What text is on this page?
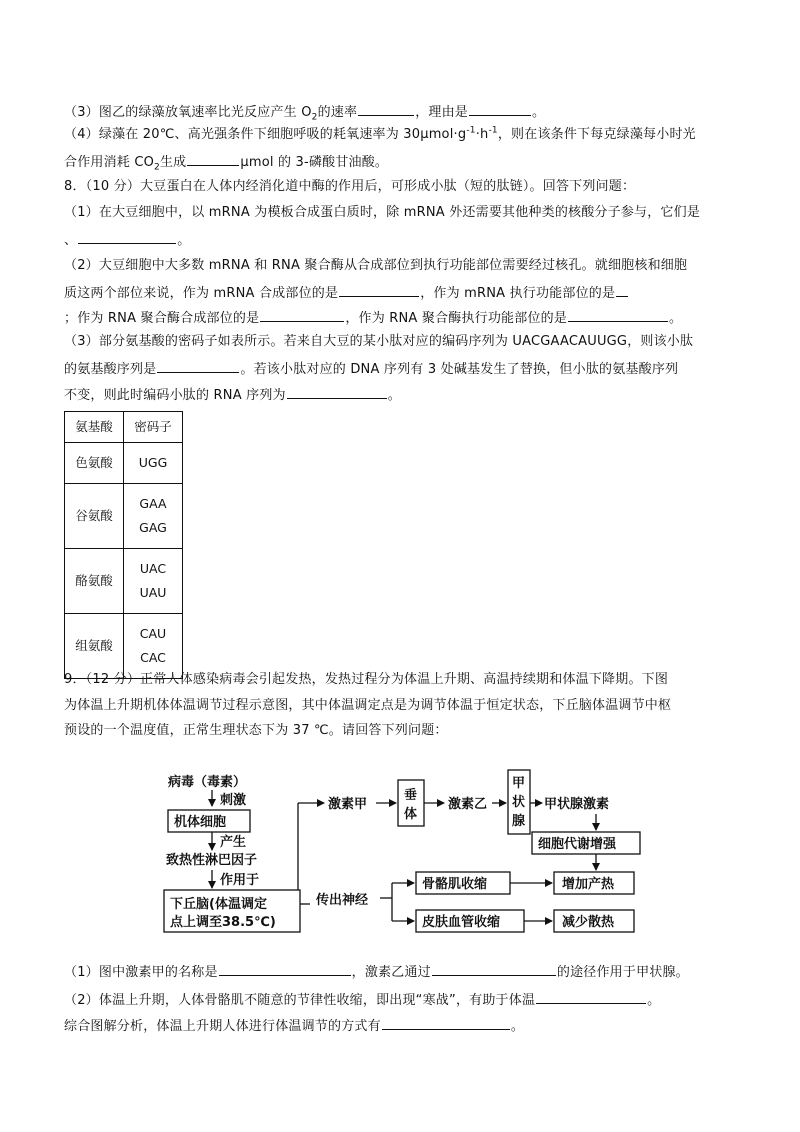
（3）图乙的绿藻放氧速率比光反应产生 $O_2$的速率	，理由是	。
（4）绿藻在 20℃、高光强条件下细胞呼吸的耗氧速率为 $30\mu mol\cdot g^{-1}\cdot h^{-1}$，则在该条件下每克绿藻每小时光
合作用消耗 $CO_2$生成	μmol 的 3-磷酸甘油酸。
8．（10 分）大豆蛋白在人体内经消化道中酶的作用后，可形成小肽（短的肽链）。回答下列问题：
（1）在大豆细胞中，以 mRNA 为模板合成蛋白质时，除 mRNA 外还需要其他种类的核酸分子参与，它们是
、	。
（2）大豆细胞中大多数 mRNA 和 RNA 聚合酶从合成部位到执行功能部位需要经过核孔。就细胞核和细胞
质这两个部位来说，作为 mRNA 合成部位的是	，作为 mRNA 执行功能部位的是
；作为 RNA 聚合酶合成部位的是	，作为 RNA 聚合酶执行功能部位的是	。
（3）部分氨基酸的密码子如表所示。若来自大豆的某小肽对应的编码序列为 UACGAACAUUGG，则该小肽
的氨基酸序列是	。若该小肽对应的 DNA 序列有 3 处碱基发生了替换，但小肽的氨基酸序列
不变，则此时编码小肽的 RNA 序列为	。
氨基酸	密码子
色氨酸	UGG
谷氨酸	GAA
GAG

酪氨酸	UAC
UAU

组氨酸	CAU
CAC
9．（12 分）正常人体感染病毒会引起发热，发热过程分为体温上升期、高温持续期和体温下降期。下图
为体温上升期机体体温调节过程示意图，其中体温调定点是为调节体温于恒定状态，下丘脑体温调节中枢
预设的一个温度值，正常生理状态下为 37 ℃。请回答下列问题：
病毒（毒素）
刺激
机体细胞
产生
致热性淋巴因子
作用于
下丘脑(体温调定
点上调至38.5℃)
激素甲
垂
体
激素乙
甲
状
腺
甲状腺激素
细胞代谢增强
传出神经
骨骼肌收缩
皮肤血管收缩
增加产热
减少散热
（1）图中激素甲的名称是	，激素乙通过	的途径作用于甲状腺。
（2）体温上升期，人体骨骼肌不随意的节律性收缩，即出现“寒战”，有助于体温	。
综合图解分析，体温上升期人体进行体温调节的方式有	。
